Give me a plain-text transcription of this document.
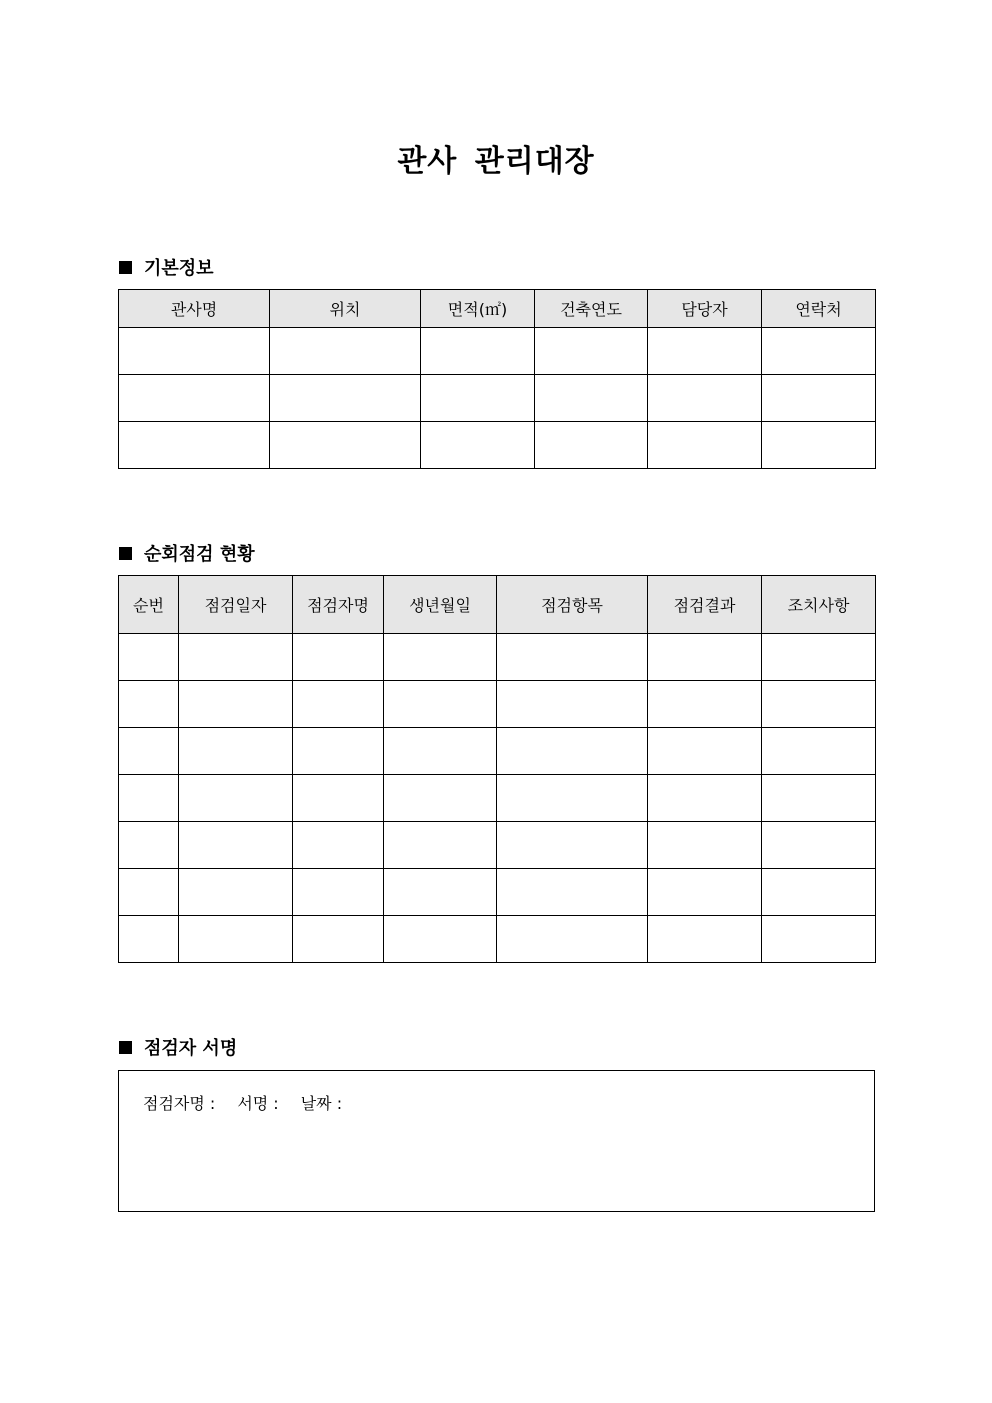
관사 관리대장
기본정보
관사명	위치	면적(㎡)	건축연도	담당자	연락처

순회점검 현황
순번	점검일자	점검자명	생년월일	점검항목	점검결과	조치사항

점검자 서명
점검자명 : 서명 : 날짜 :
